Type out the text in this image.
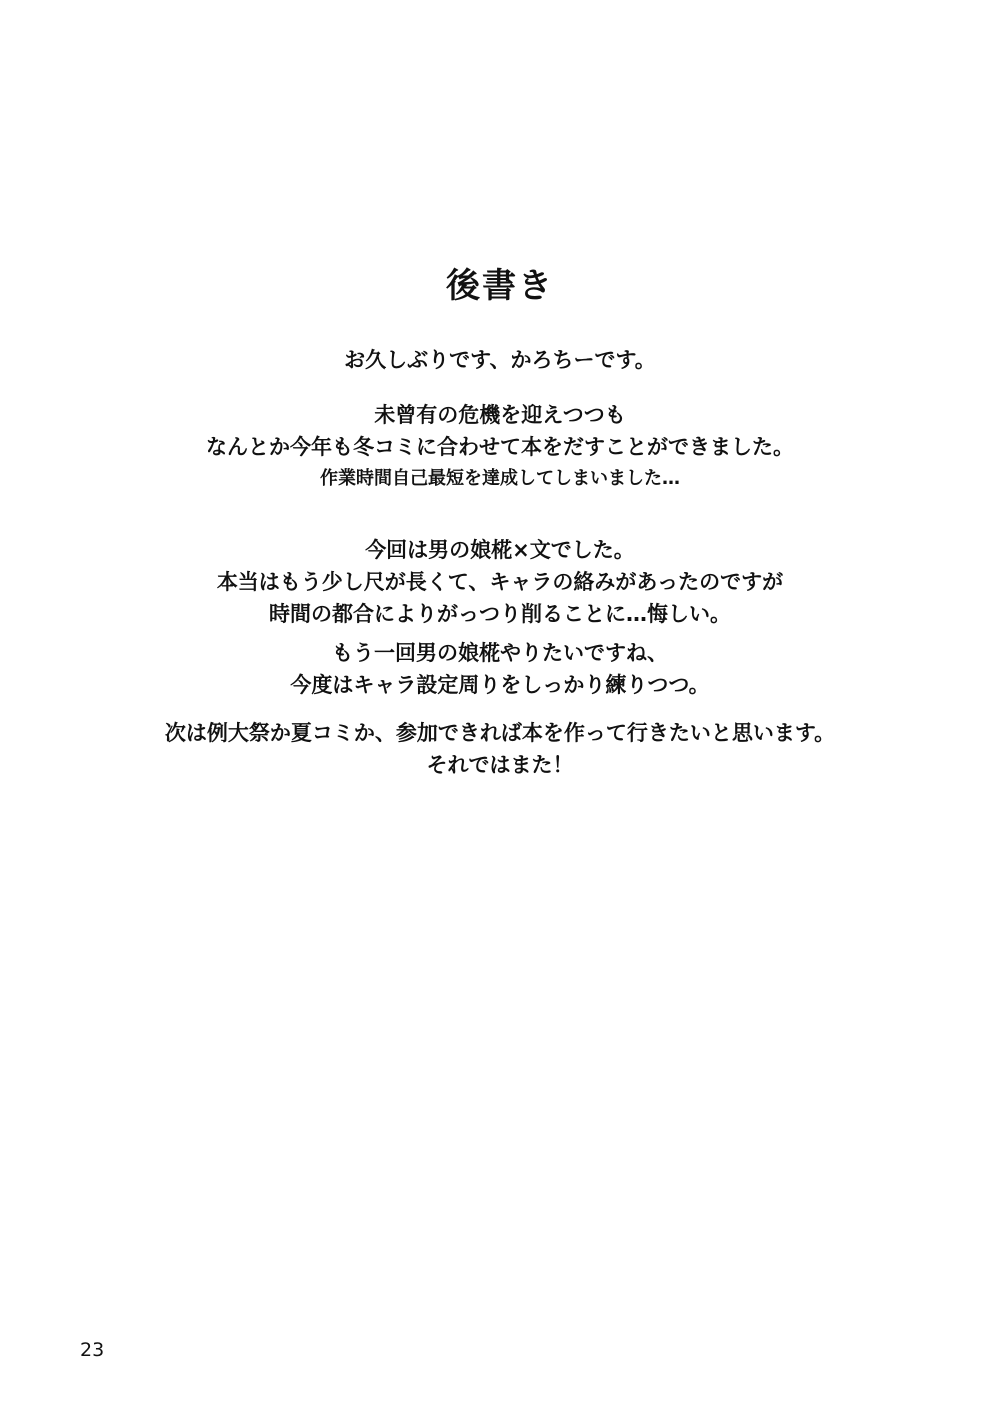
後書き
お久しぶりです、かろちーです。
未曾有の危機を迎えつつも
なんとか今年も冬コミに合わせて本をだすことができました。
作業時間自己最短を達成してしまいました…
今回は男の娘椛×文でした。
本当はもう少し尺が長くて、キャラの絡みがあったのですが
時間の都合によりがっつり削ることに…悔しい。
もう一回男の娘椛やりたいですね、
今度はキャラ設定周りをしっかり練りつつ。
次は例大祭か夏コミか、参加できれば本を作って行きたいと思います。
それではまた！
23
